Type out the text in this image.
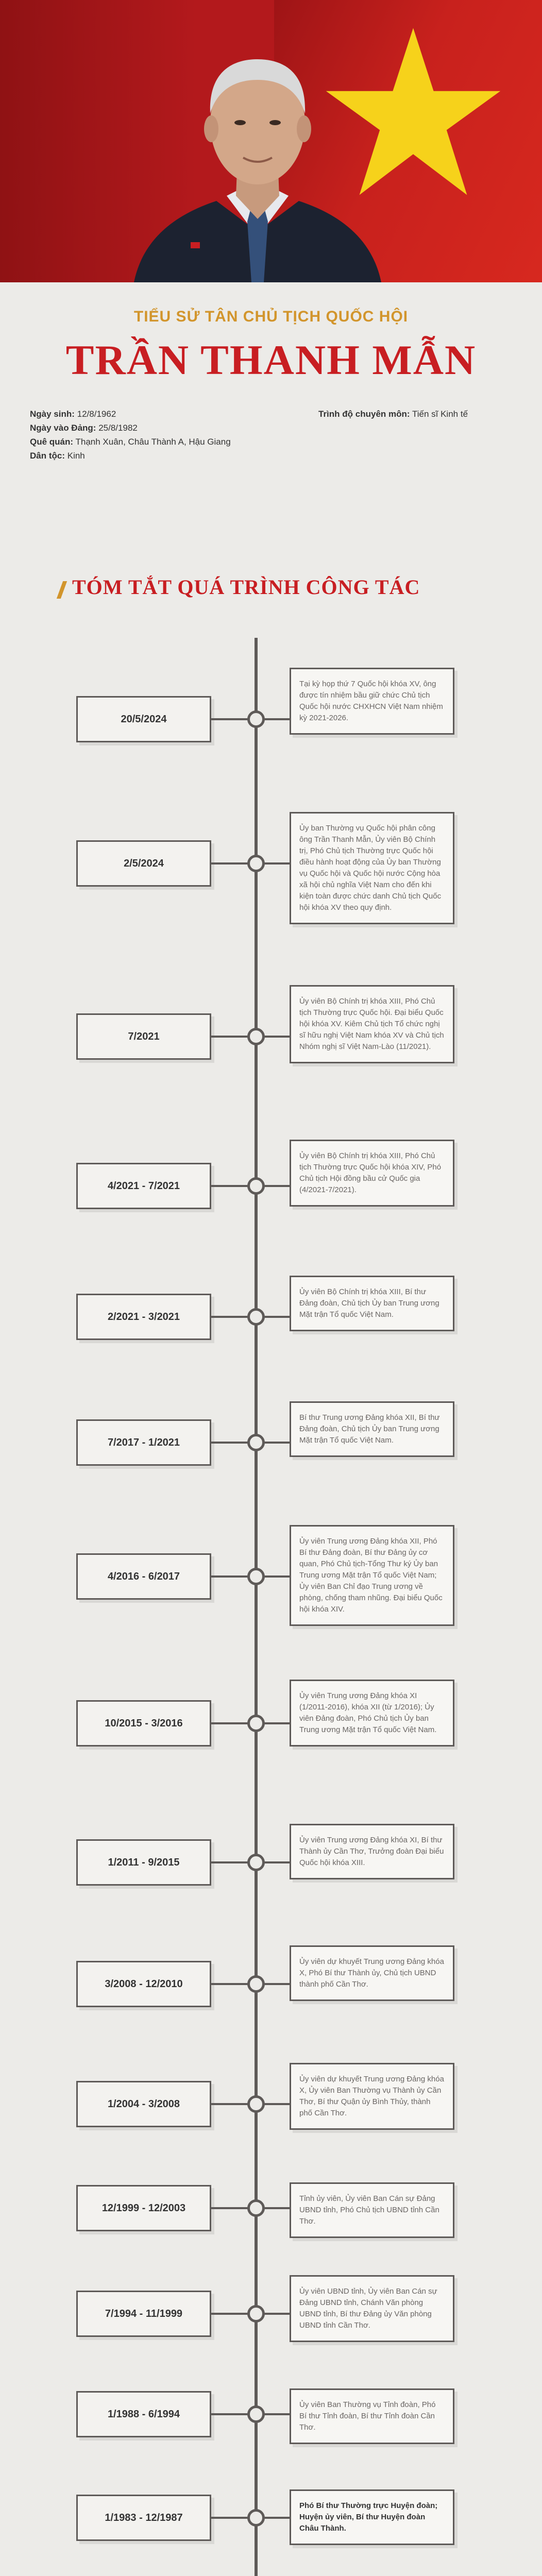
TIỂU SỬ TÂN CHỦ TỊCH QUỐC HỘI
TRẦN THANH MẪN
Ngày sinh: 12/8/1962
Ngày vào Đảng: 25/8/1982
Quê quán: Thạnh Xuân, Châu Thành A, Hậu Giang
Dân tộc: Kinh
Trình độ chuyên môn: Tiến sĩ Kinh tế
TÓM TẮT QUÁ TRÌNH CÔNG TÁC
20/5/2024
Tại kỳ họp thứ 7 Quốc hội khóa XV, ông được tín nhiệm bầu giữ chức Chủ tịch Quốc hội nước CHXHCN Việt Nam nhiệm kỳ 2021-2026.
2/5/2024
Ủy ban Thường vụ Quốc hội phân công ông Trần Thanh Mẫn, Ủy viên Bộ Chính trị, Phó Chủ tịch Thường trực Quốc hội điều hành hoạt động của Ủy ban Thường vụ Quốc hội và Quốc hội nước Cộng hòa xã hội chủ nghĩa Việt Nam cho đến khi kiện toàn được chức danh Chủ tịch Quốc hội khóa XV theo quy định.
7/2021
Ủy viên Bộ Chính trị khóa XIII, Phó Chủ tịch Thường trực Quốc hội. Đại biểu Quốc hội khóa XV. Kiêm Chủ tịch Tổ chức nghị sĩ hữu nghị Việt Nam khóa XV và Chủ tịch Nhóm nghị sĩ Việt Nam-Lào (11/2021).
4/2021 - 7/2021
Ủy viên Bộ Chính trị khóa XIII, Phó Chủ tịch Thường trực Quốc hội khóa XIV, Phó Chủ tịch Hội đồng bầu cử Quốc gia (4/2021-7/2021).
2/2021 - 3/2021
Ủy viên Bộ Chính trị khóa XIII, Bí thư Đảng đoàn, Chủ tịch Ủy ban Trung ương Mặt trận Tổ quốc Việt Nam.
7/2017 - 1/2021
Bí thư Trung ương Đảng khóa XII, Bí thư Đảng đoàn, Chủ tịch Ủy ban Trung ương Mặt trận Tổ quốc Việt Nam.
4/2016 - 6/2017
Ủy viên Trung ương Đảng khóa XII, Phó Bí thư Đảng đoàn, Bí thư Đảng ủy cơ quan, Phó Chủ tịch-Tổng Thư ký Ủy ban Trung ương Mặt trận Tổ quốc Việt Nam; Ủy viên Ban Chỉ đạo Trung ương về phòng, chống tham nhũng. Đại biểu Quốc hội khóa XIV.
10/2015 - 3/2016
Ủy viên Trung ương Đảng khóa XI (1/2011-2016), khóa XII (từ 1/2016); Ủy viên Đảng đoàn, Phó Chủ tịch Ủy ban Trung ương Mặt trận Tổ quốc Việt Nam.
1/2011 - 9/2015
Ủy viên Trung ương Đảng khóa XI, Bí thư Thành ủy Cần Thơ, Trưởng đoàn Đại biểu Quốc hội khóa XIII.
3/2008 - 12/2010
Ủy viên dự khuyết Trung ương Đảng khóa X, Phó Bí thư Thành ủy, Chủ tịch UBND thành phố Cần Thơ.
1/2004 - 3/2008
Ủy viên dự khuyết Trung ương Đảng khóa X, Ủy viên Ban Thường vụ Thành ủy Cần Thơ, Bí thư Quận ủy Bình Thủy, thành phố Cần Thơ.
12/1999 - 12/2003
Tỉnh ủy viên, Ủy viên Ban Cán sự Đảng UBND tỉnh, Phó Chủ tịch UBND tỉnh Cần Thơ.
7/1994 - 11/1999
Ủy viên UBND tỉnh, Ủy viên Ban Cán sự Đảng UBND tỉnh, Chánh Văn phòng UBND tỉnh, Bí thư Đảng ủy Văn phòng UBND tỉnh Cần Thơ.
1/1988 - 6/1994
Ủy viên Ban Thường vụ Tỉnh đoàn, Phó Bí thư Tỉnh đoàn, Bí thư Tỉnh đoàn Cần Thơ.
1/1983 - 12/1987
Phó Bí thư Thường trực Huyện đoàn; Huyện ủy viên, Bí thư Huyện đoàn Châu Thành.
